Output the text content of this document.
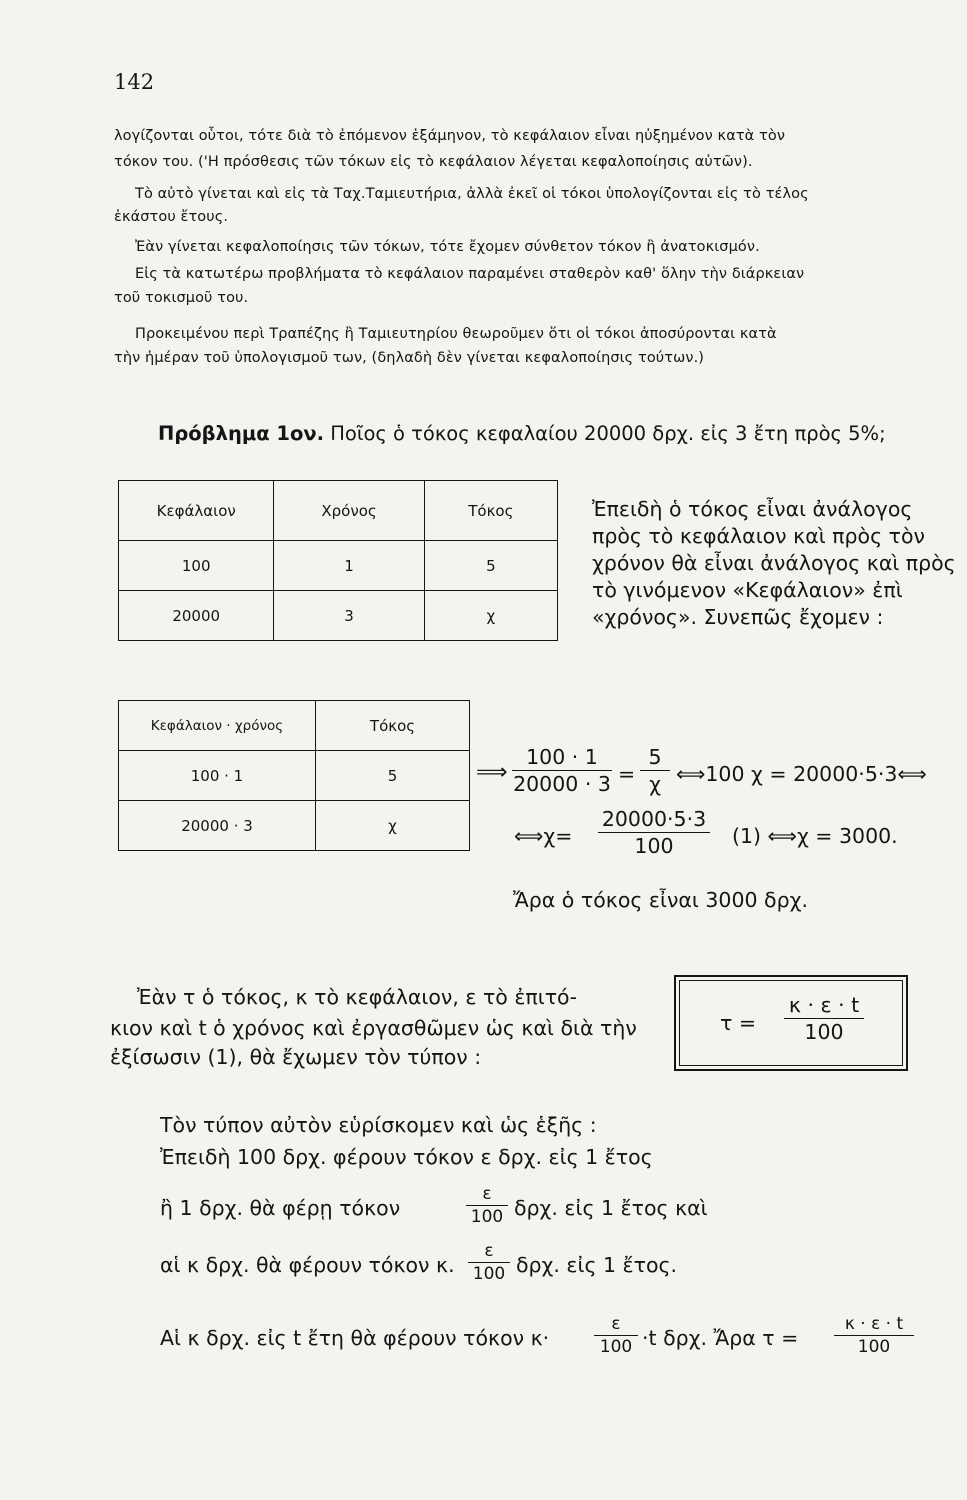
142
λογίζονται οὗτοι, τότε διὰ τὸ ἑπόμενον ἑξάμηνον, τὸ κεφάλαιον εἶναι ηὐξημένον κατὰ τὸν
τόκον του. ('Η πρόσθεσις τῶν τόκων εἰς τὸ κεφάλαιον λέγεται κεφαλοποίησις αὐτῶν).
Τὸ αὐτὸ γίνεται καὶ εἰς τὰ Ταχ.Ταμιευτήρια, ἀλλὰ ἐκεῖ οἱ τόκοι ὑπολογίζονται εἰς τὸ τέλος
ἑκάστου ἔτους.
Ἐὰν γίνεται κεφαλοποίησις τῶν τόκων, τότε ἔχομεν σύνθετον τόκον ἢ ἀνατοκισμόν.
Εἰς τὰ κατωτέρω προβλήματα τὸ κεφάλαιον παραμένει σταθερὸν καθ' ὅλην τὴν διάρκειαν
τοῦ τοκισμοῦ του.
Προκειμένου περὶ Τραπέζης ἢ Ταμιευτηρίου θεωροῦμεν ὅτι οἱ τόκοι ἀποσύρονται κατὰ
τὴν ἡμέραν τοῦ ὑπολογισμοῦ των, (δηλαδὴ δὲν γίνεται κεφαλοποίησις τούτων.)
Πρόβλημα 1ον. Ποῖος ὁ τόκος κεφαλαίου 20000 δρχ. εἰς 3 ἔτη πρὸς 5%;
Κεφάλαιον	Χρόνος	Τόκος
100	1	5
20000	3	χ
Ἐπειδὴ ὁ τόκος εἶναι ἀνάλογος
πρὸς τὸ κεφάλαιον καὶ πρὸς τὸν
χρόνον θὰ εἶναι ἀνάλογος καὶ πρὸς
τὸ γινόμενον «Κεφάλαιον» ἐπὶ
«χρόνος». Συνεπῶς ἔχομεν :
Κεφάλαιον · χρόνος	Τόκος
100 · 1	5
20000 · 3	χ
⟹ $\frac{100 \cdot 1}{20000 \cdot 3} = \frac{5}{\chi}$ ⟺100 χ = 20000·5·3⟺
⟺χ= $\frac{20000\cdot 5\cdot 3}{100} (1)$ ⟺χ = 3000.
Ἄρα ὁ τόκος εἶναι 3000 δρχ.
Ἐὰν τ ὁ τόκος, κ τὸ κεφάλαιον, ε τὸ ἐπιτό-
κιον καὶ t ὁ χρόνος καὶ ἐργασθῶμεν ὡς καὶ διὰ τὴν
ἐξίσωσιν (1), θὰ ἔχωμεν τὸν τύπον :
$\tau = \frac{\kappa \cdot \varepsilon \cdot t}{100}$
Τὸν τύπον αὐτὸν εὑρίσκομεν καὶ ὡς ἑξῆς :
Ἐπειδὴ 100 δρχ. φέρουν τόκον ε δρχ. εἰς 1 ἔτος
ἢ 1 δρχ. θὰ φέρῃ τόκον	$\frac{\varepsilon}{100} \delta\rho\chi$. εἰς 1 ἔτος καὶ
αἱ κ δρχ. θὰ φέρουν τόκον κ. $\frac{\varepsilon}{100} \delta\rho\chi$. εἰς 1 ἔτος.
Αἱ κ δρχ. εἰς t ἔτη θὰ φέρουν τόκον κ·	$\frac{\varepsilon}{100} \cdot t$ δρχ. Ἄρα $\tau = \frac{\kappa \cdot \varepsilon \cdot t}{100}$
